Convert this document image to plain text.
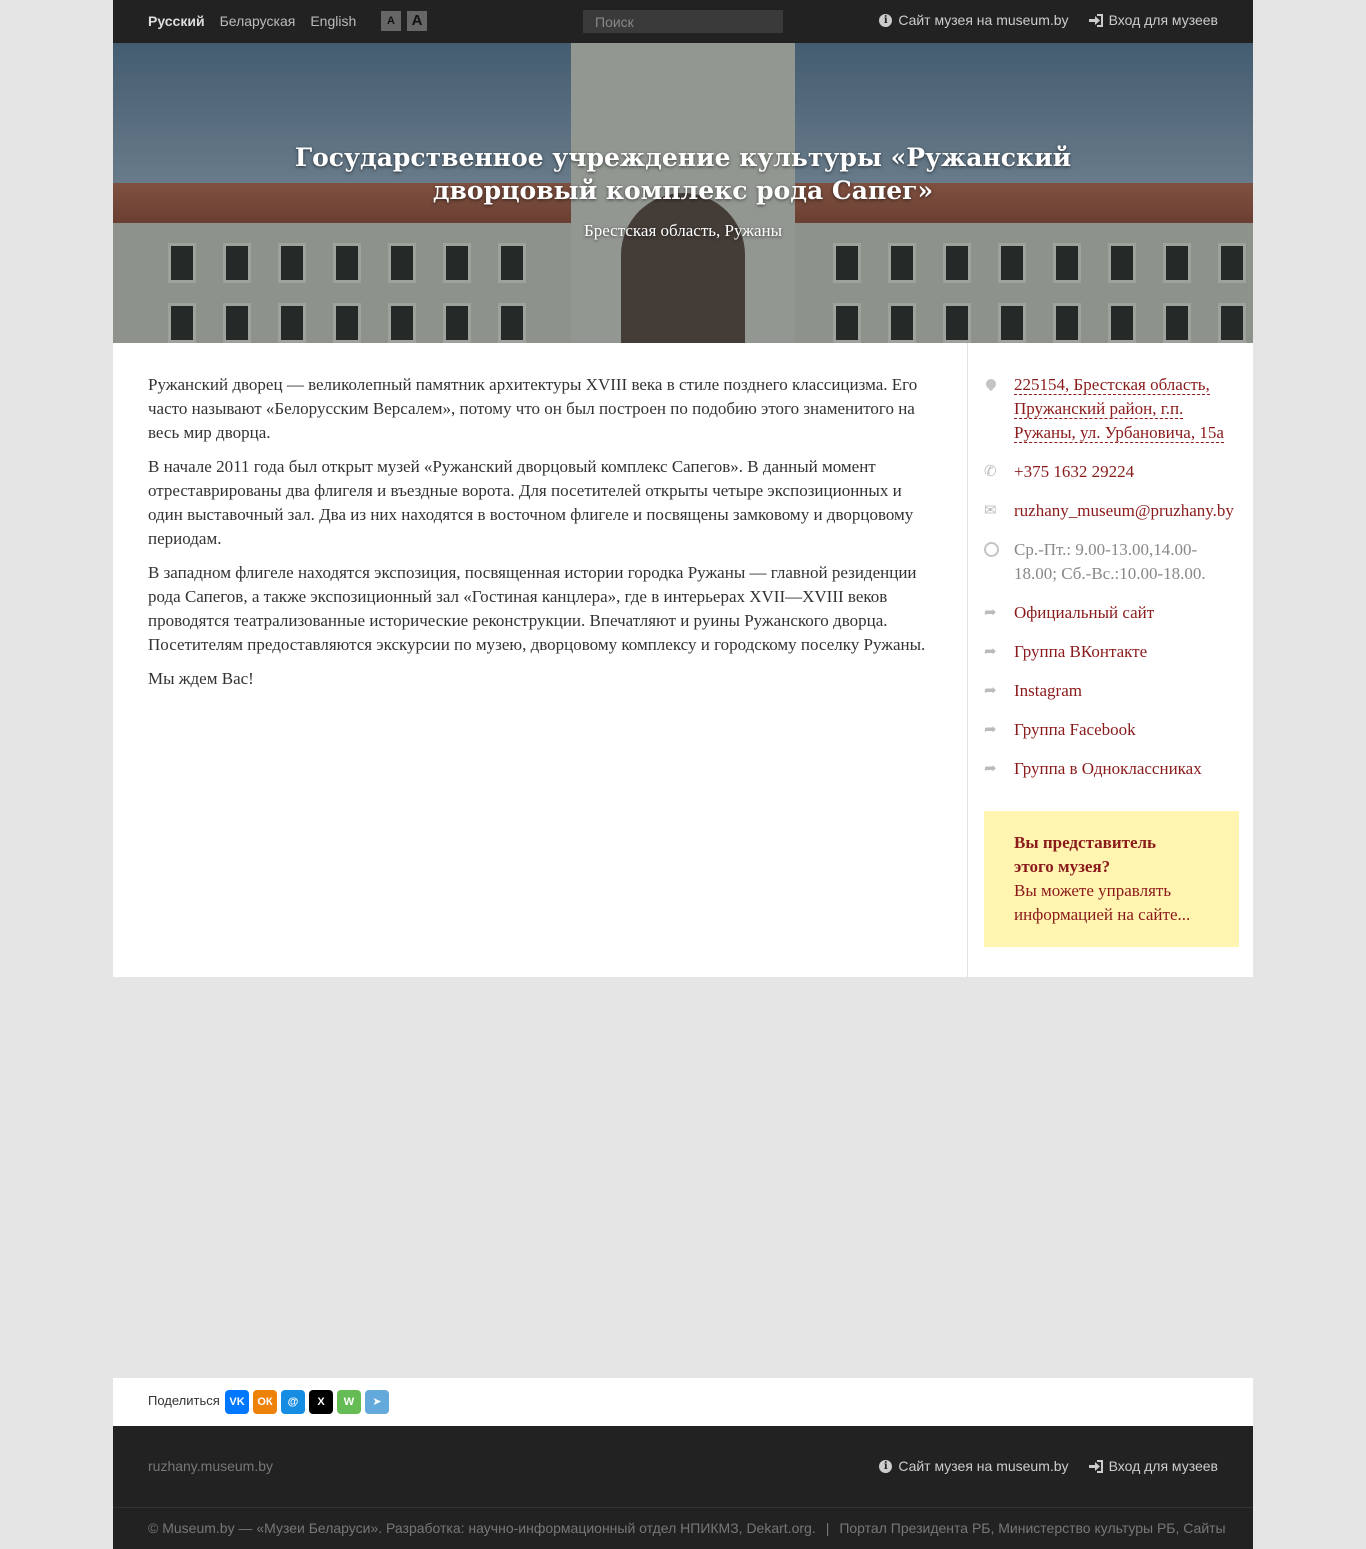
Русский Беларуская English	A	A
Поиск	i Сайт музея на museum.by	Вход для музеев
Государственное учреждение культуры «Ружанский дворцовый комплекс рода Сапег»
Брестская область, Ружаны

Ружанский дворец — великолепный памятник архитектуры XVIII века в стиле позднего классицизма. Его часто называют «Белорусским Версалем», потому что он был построен по подобию этого знаменитого на весь мир дворца.

В начале 2011 года был открыт музей «Ружанский дворцовый комплекс Сапегов». В данный момент отреставрированы два флигеля и въездные ворота. Для посетителей открыты четыре экспозиционных и один выставочный зал. Два из них находятся в восточном флигеле и посвящены замковому и дворцовому периодам.

В западном флигеле находятся экспозиция, посвященная истории городка Ружаны — главной резиденции рода Сапегов, а также экспозиционный зал «Гостиная канцлера», где в интерьерах XVII—XVIII веков проводятся театрализованные исторические реконструкции. Впечатляют и руины Ружанского дворца. Посетителям предоставляются экскурсии по музею, дворцовому комплексу и городскому поселку Ружаны.

Мы ждем Вас!

225154, Брестская область,
Пружанский район, г.п.
Ружаны, ул. Урбановича, 15а
✆	+375 1632 29224
✉	ruzhany_museum@pruzhany.by
Ср.-Пт.: 9.00-13.00,14.00-
18.00; Сб.-Вс.:10.00-18.00.
➦	Официальный сайт
➦	Группа ВКонтакте
➦	Instagram
➦	Группа Facebook
➦	Группа в Одноклассниках
Вы представитель
этого музея?
Вы можете управлять
информацией на сайте...
Поделиться VK	ОК	@	X	W	➤
ruzhany.museum.by	i Сайт музея на museum.by	Вход для музеев
© Museum.by — «Музеи Беларуси». Разработка: научно-информационный отдел НПИКМЗ, Dekart.org. | Портал Президента РБ, Министерство культуры РБ, Сайты
